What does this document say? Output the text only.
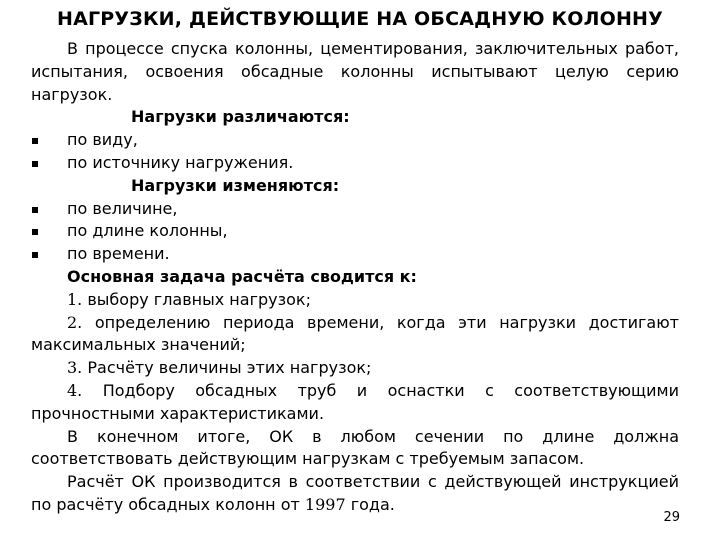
НАГРУЗКИ, ДЕЙСТВУЮЩИЕ НА ОБСАДНУЮ КОЛОННУ

В процессе спуска колонны, цементирования, заключительных работ, испытания, освоения обсадные колонны испытывают целую серию нагрузок.

Нагрузки различаются:

по виду,
по источнику нагружения.

Нагрузки изменяются:

по величине,
по длине колонны,
по времени.

Основная задача расчёта сводится к:

1. выбору главных нагрузок;

2. определению периода времени, когда эти нагрузки достигают максимальных значений;

3. Расчёту величины этих нагрузок;

4. Подбору обсадных труб и оснастки с соответствующими прочностными характеристиками.

В конечном итоге, ОК в любом сечении по длине должна соответствовать действующим нагрузкам с требуемым запасом.

Расчёт ОК производится в соответствии с действующей инструкцией по расчёту обсадных колонн от 1997 года.

29
